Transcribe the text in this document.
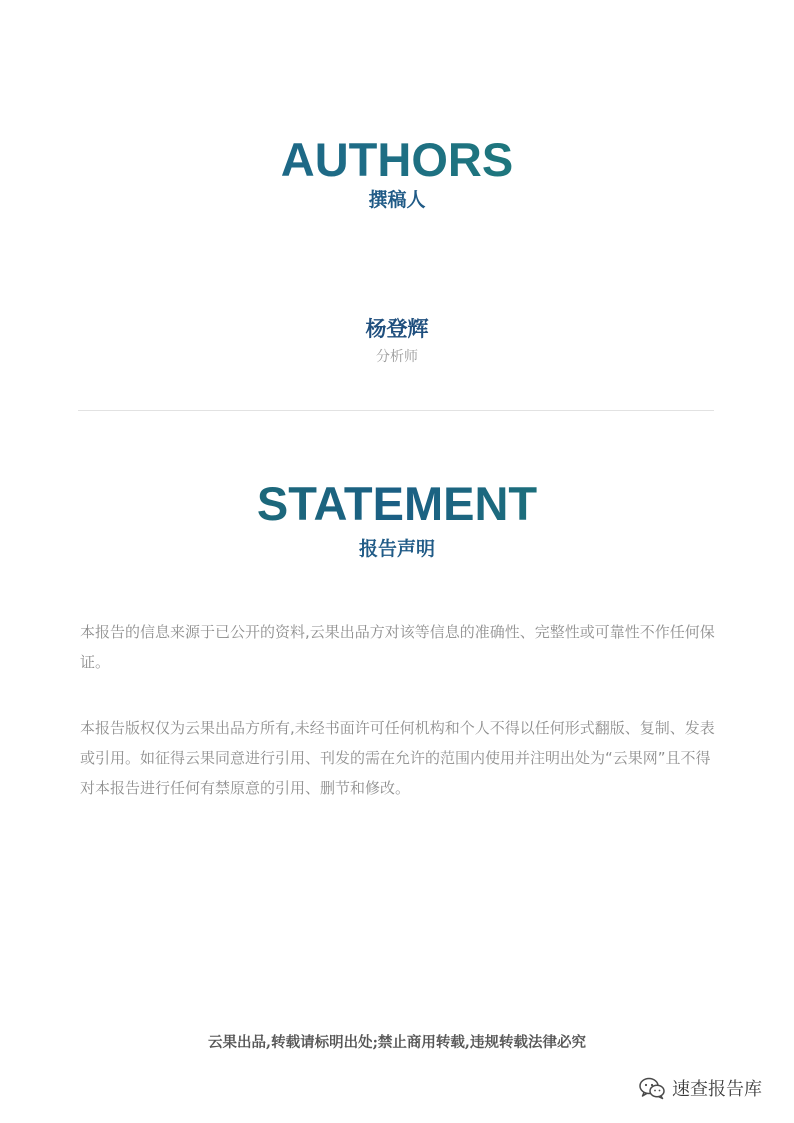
AUTHORS
撰稿人
杨登辉
分析师
STATEMENT
报告声明

本报告的信息来源于已公开的资料,云果出品方对该等信息的准确性、完整性或可靠性不作任何保证。

本报告版权仅为云果出品方所有,未经书面许可任何机构和个人不得以任何形式翻版、复制、发表或引用。如征得云果同意进行引用、刊发的需在允许的范围内使用并注明出处为“云果网”且不得对本报告进行任何有禁原意的引用、删节和修改。

云果出品,转载请标明出处;禁止商用转载,违规转载法律必究
速查报告库
